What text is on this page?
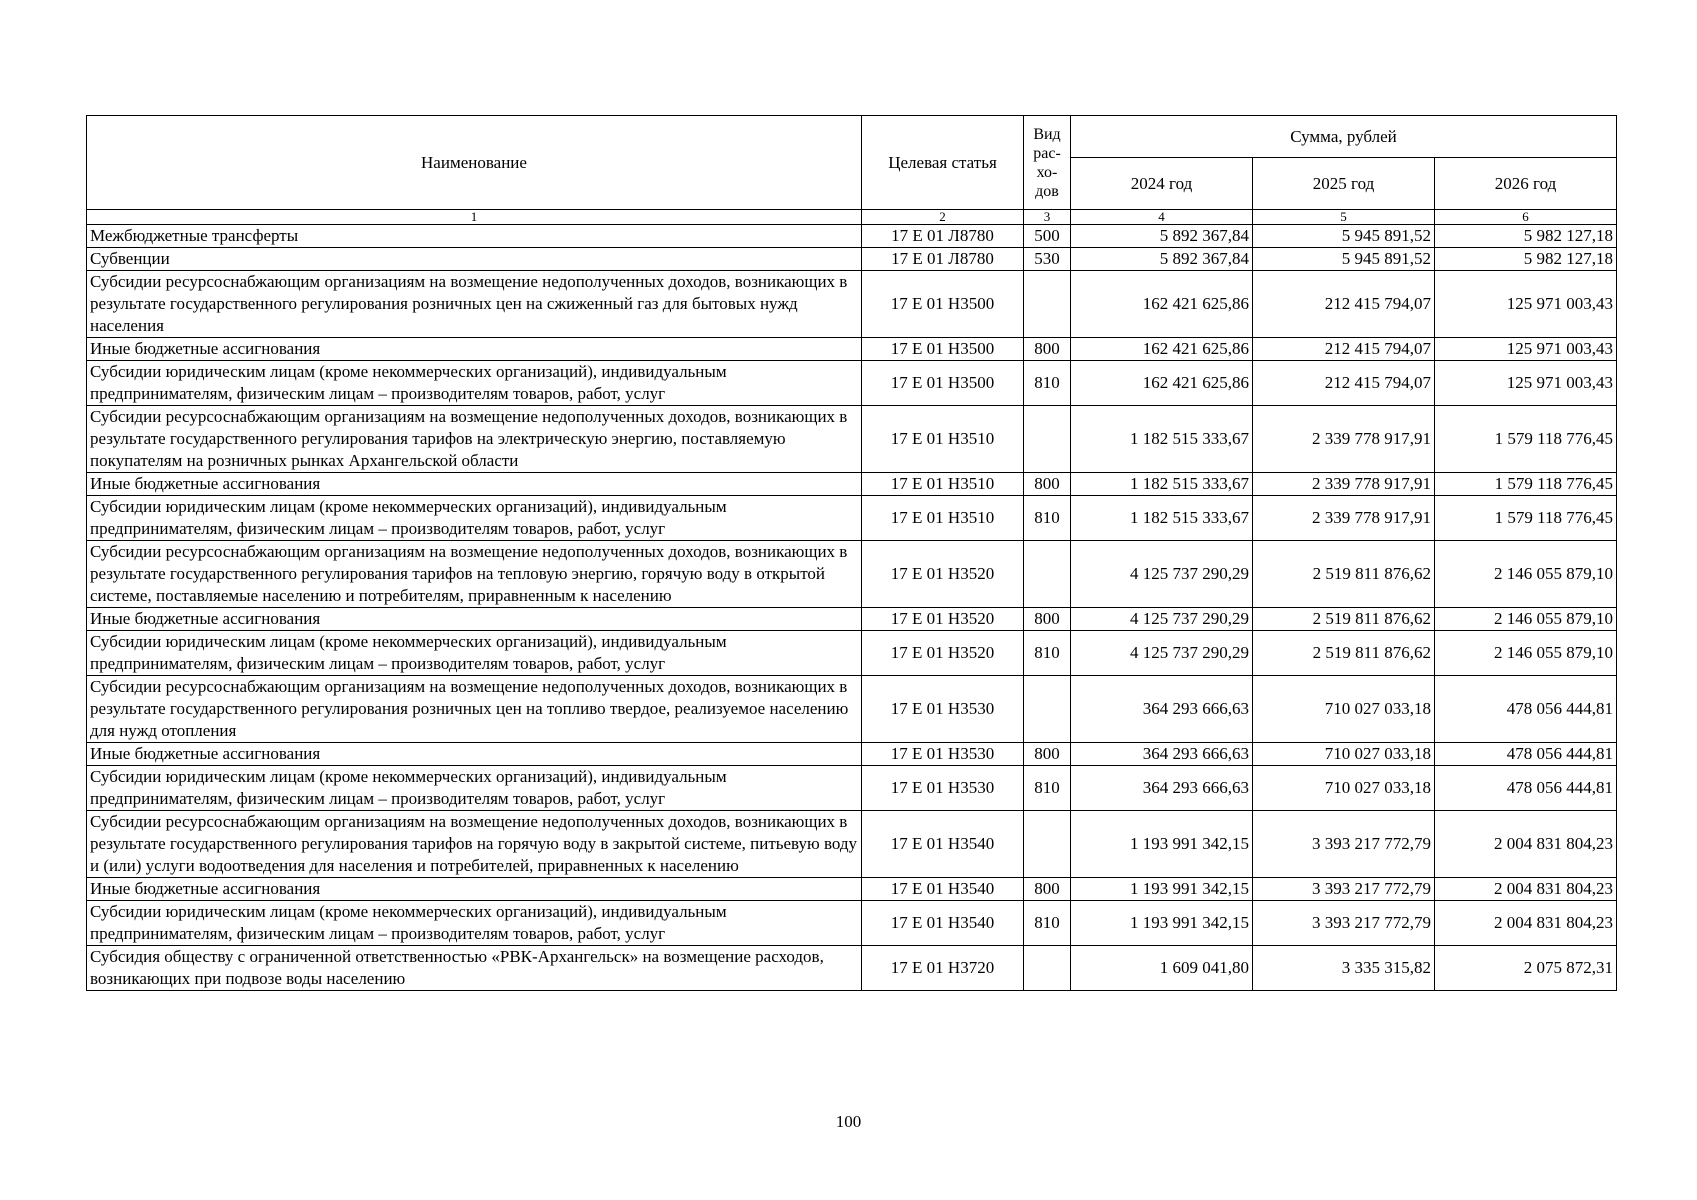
Наименование	Целевая статья	Вид рас-хо-дов	Сумма, рублей		
			2024 год	2025 год	2026 год
1	2	3	4	5	6
Межбюджетные трансферты	17 Е 01 Л8780	500	5 892 367,84	5 945 891,52	5 982 127,18
Субвенции	17 Е 01 Л8780	530	5 892 367,84	5 945 891,52	5 982 127,18
Субсидии ресурсоснабжающим организациям на возмещение недополученных доходов, возникающих в результате государственного регулирования розничных цен на сжиженный газ для бытовых нужд населения	17 Е 01 Н3500		162 421 625,86	212 415 794,07	125 971 003,43
Иные бюджетные ассигнования	17 Е 01 Н3500	800	162 421 625,86	212 415 794,07	125 971 003,43
Субсидии юридическим лицам (кроме некоммерческих организаций), индивидуальным предпринимателям, физическим лицам – производителям товаров, работ, услуг	17 Е 01 Н3500	810	162 421 625,86	212 415 794,07	125 971 003,43
Субсидии ресурсоснабжающим организациям на возмещение недополученных доходов, возникающих в результате государственного регулирования тарифов на электрическую энергию, поставляемую покупателям на розничных рынках Архангельской области	17 Е 01 Н3510		1 182 515 333,67	2 339 778 917,91	1 579 118 776,45
Иные бюджетные ассигнования	17 Е 01 Н3510	800	1 182 515 333,67	2 339 778 917,91	1 579 118 776,45
Субсидии юридическим лицам (кроме некоммерческих организаций), индивидуальным предпринимателям, физическим лицам – производителям товаров, работ, услуг	17 Е 01 Н3510	810	1 182 515 333,67	2 339 778 917,91	1 579 118 776,45
Субсидии ресурсоснабжающим организациям на возмещение недополученных доходов, возникающих в результате государственного регулирования тарифов на тепловую энергию, горячую воду в открытой системе, поставляемые населению и потребителям, приравненным к населению	17 Е 01 Н3520		4 125 737 290,29	2 519 811 876,62	2 146 055 879,10
Иные бюджетные ассигнования	17 Е 01 Н3520	800	4 125 737 290,29	2 519 811 876,62	2 146 055 879,10
Субсидии юридическим лицам (кроме некоммерческих организаций), индивидуальным предпринимателям, физическим лицам – производителям товаров, работ, услуг	17 Е 01 Н3520	810	4 125 737 290,29	2 519 811 876,62	2 146 055 879,10
Субсидии ресурсоснабжающим организациям на возмещение недополученных доходов, возникающих в результате государственного регулирования розничных цен на топливо твердое, реализуемое населению для нужд отопления	17 Е 01 Н3530		364 293 666,63	710 027 033,18	478 056 444,81
Иные бюджетные ассигнования	17 Е 01 Н3530	800	364 293 666,63	710 027 033,18	478 056 444,81
Субсидии юридическим лицам (кроме некоммерческих организаций), индивидуальным предпринимателям, физическим лицам – производителям товаров, работ, услуг	17 Е 01 Н3530	810	364 293 666,63	710 027 033,18	478 056 444,81
Субсидии ресурсоснабжающим организациям на возмещение недополученных доходов, возникающих в результате государственного регулирования тарифов на горячую воду в закрытой системе, питьевую воду и (или) услуги водоотведения для населения и потребителей, приравненных к населению	17 Е 01 Н3540		1 193 991 342,15	3 393 217 772,79	2 004 831 804,23
Иные бюджетные ассигнования	17 Е 01 Н3540	800	1 193 991 342,15	3 393 217 772,79	2 004 831 804,23
Субсидии юридическим лицам (кроме некоммерческих организаций), индивидуальным предпринимателям, физическим лицам – производителям товаров, работ, услуг	17 Е 01 Н3540	810	1 193 991 342,15	3 393 217 772,79	2 004 831 804,23
Субсидия обществу с ограниченной ответственностью «РВК-Архангельск» на возмещение расходов, возникающих при подвозе воды населению	17 Е 01 Н3720		1 609 041,80	3 335 315,82	2 075 872,31
100
